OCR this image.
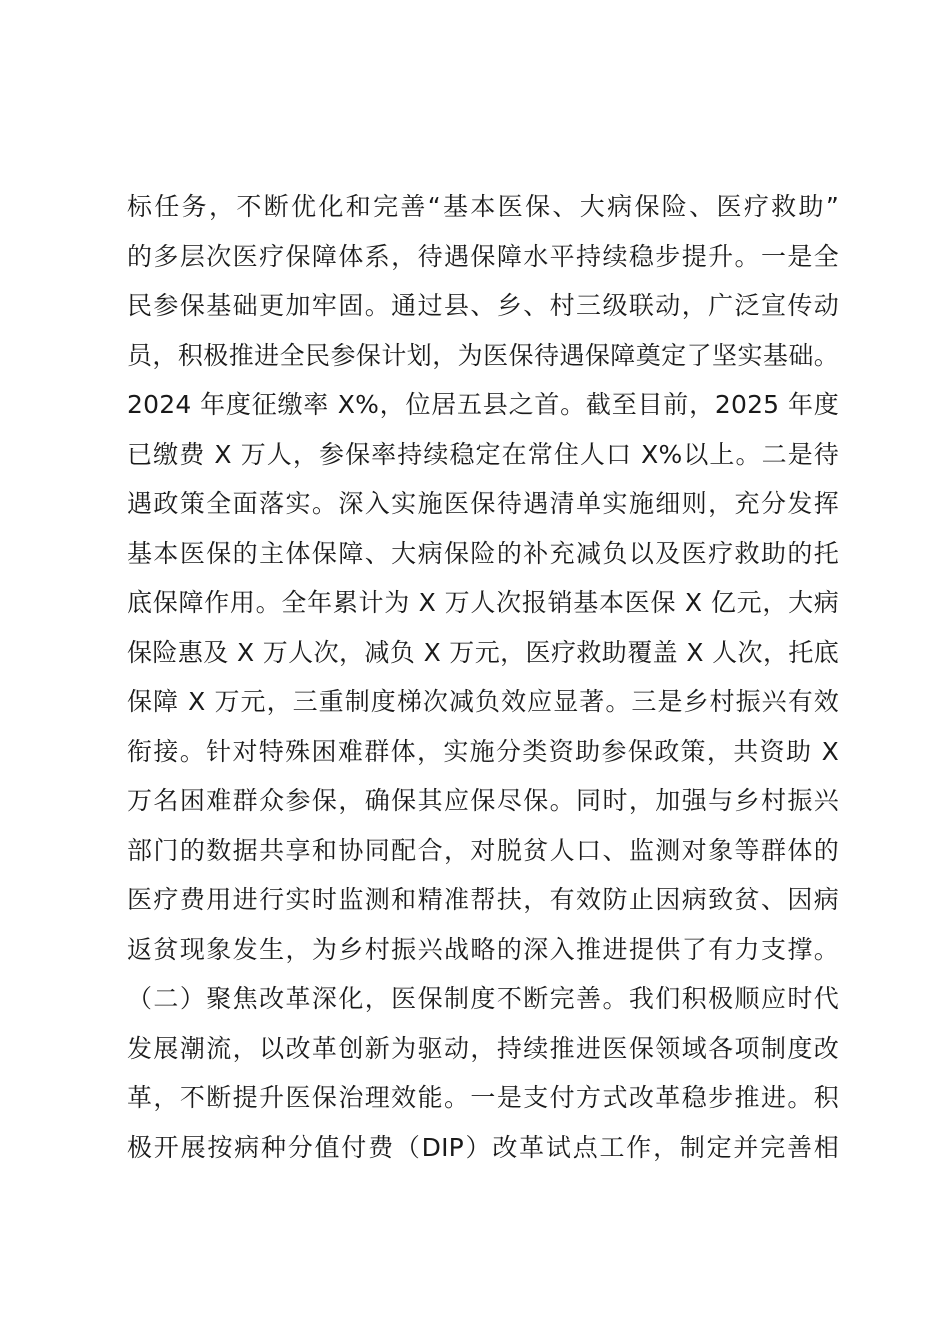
标任务，不断优化和完善“基本医保、大病保险、医疗救助”
的多层次医疗保障体系，待遇保障水平持续稳步提升。一是全
民参保基础更加牢固。通过县、乡、村三级联动，广泛宣传动
员，积极推进全民参保计划，为医保待遇保障奠定了坚实基础。
2024 年度征缴率 X%，位居五县之首。截至目前，2025 年度
已缴费 X 万人，参保率持续稳定在常住人口 X%以上。二是待
遇政策全面落实。深入实施医保待遇清单实施细则，充分发挥
基本医保的主体保障、大病保险的补充减负以及医疗救助的托
底保障作用。全年累计为 X 万人次报销基本医保 X 亿元，大病
保险惠及 X 万人次，减负 X 万元，医疗救助覆盖 X 人次，托底
保障 X 万元，三重制度梯次减负效应显著。三是乡村振兴有效
衔接。针对特殊困难群体，实施分类资助参保政策，共资助 X
万名困难群众参保，确保其应保尽保。同时，加强与乡村振兴
部门的数据共享和协同配合，对脱贫人口、监测对象等群体的
医疗费用进行实时监测和精准帮扶，有效防止因病致贫、因病
返贫现象发生，为乡村振兴战略的深入推进提供了有力支撑。
（二）聚焦改革深化，医保制度不断完善。我们积极顺应时代
发展潮流，以改革创新为驱动，持续推进医保领域各项制度改
革，不断提升医保治理效能。一是支付方式改革稳步推进。积
极开展按病种分值付费（DIP）改革试点工作，制定并完善相
